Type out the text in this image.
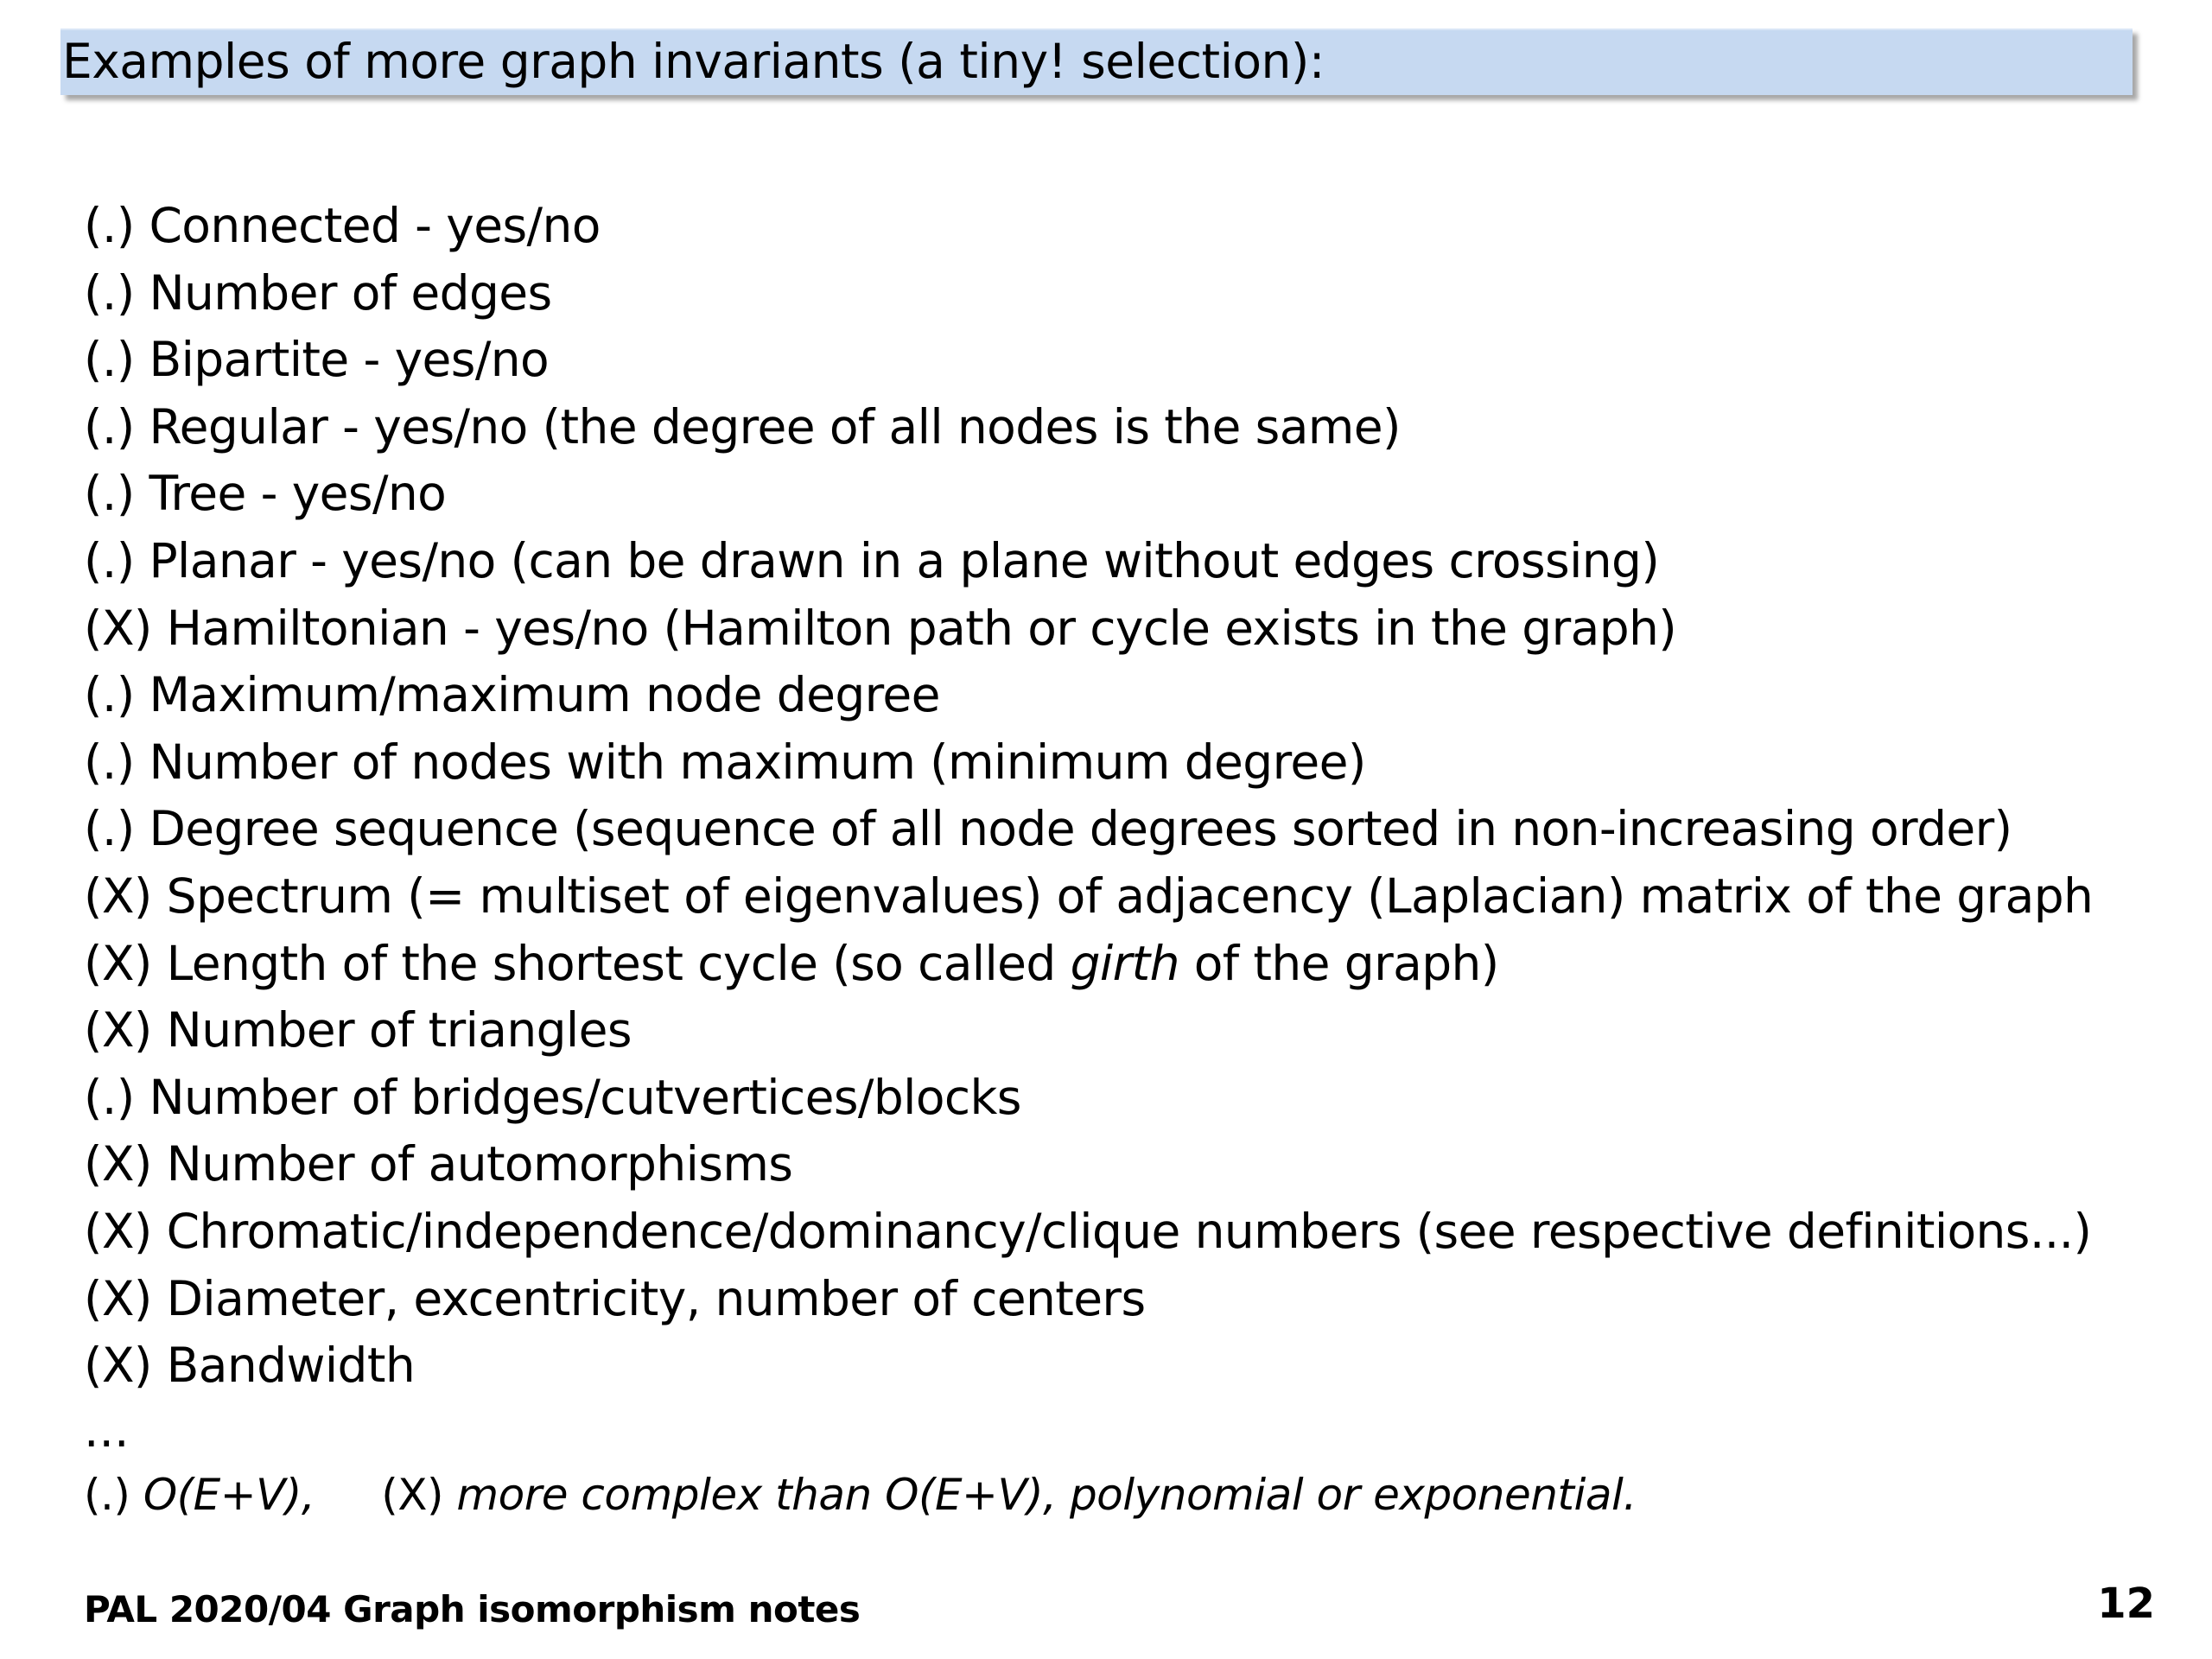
Examples of more graph invariants (a tiny! selection):
(.) Connected - yes/no
(.) Number of edges
(.) Bipartite - yes/no
(.) Regular - yes/no (the degree of all nodes is the same)
(.) Tree - yes/no
(.) Planar - yes/no (can be drawn in a plane without edges crossing)
(X) Hamiltonian - yes/no (Hamilton path or cycle exists in the graph)
(.) Maximum/maximum node degree
(.) Number of nodes with maximum (minimum degree)
(.) Degree sequence (sequence of all node degrees sorted in non-increasing order)
(X) Spectrum (= multiset of eigenvalues) of adjacency (Laplacian) matrix of the graph
(X) Length of the shortest cycle (so called girth of the graph)
(X) Number of triangles
(.) Number of bridges/cutvertices/blocks
(X) Number of automorphisms
(X) Chromatic/independence/dominancy/clique numbers (see respective definitions...)
(X) Diameter, excentricity, number of centers
(X) Bandwidth
...
(.) O(E+V),     (X) more complex than O(E+V), polynomial or exponential.
PAL 2020/04 Graph isomorphism notes	12
